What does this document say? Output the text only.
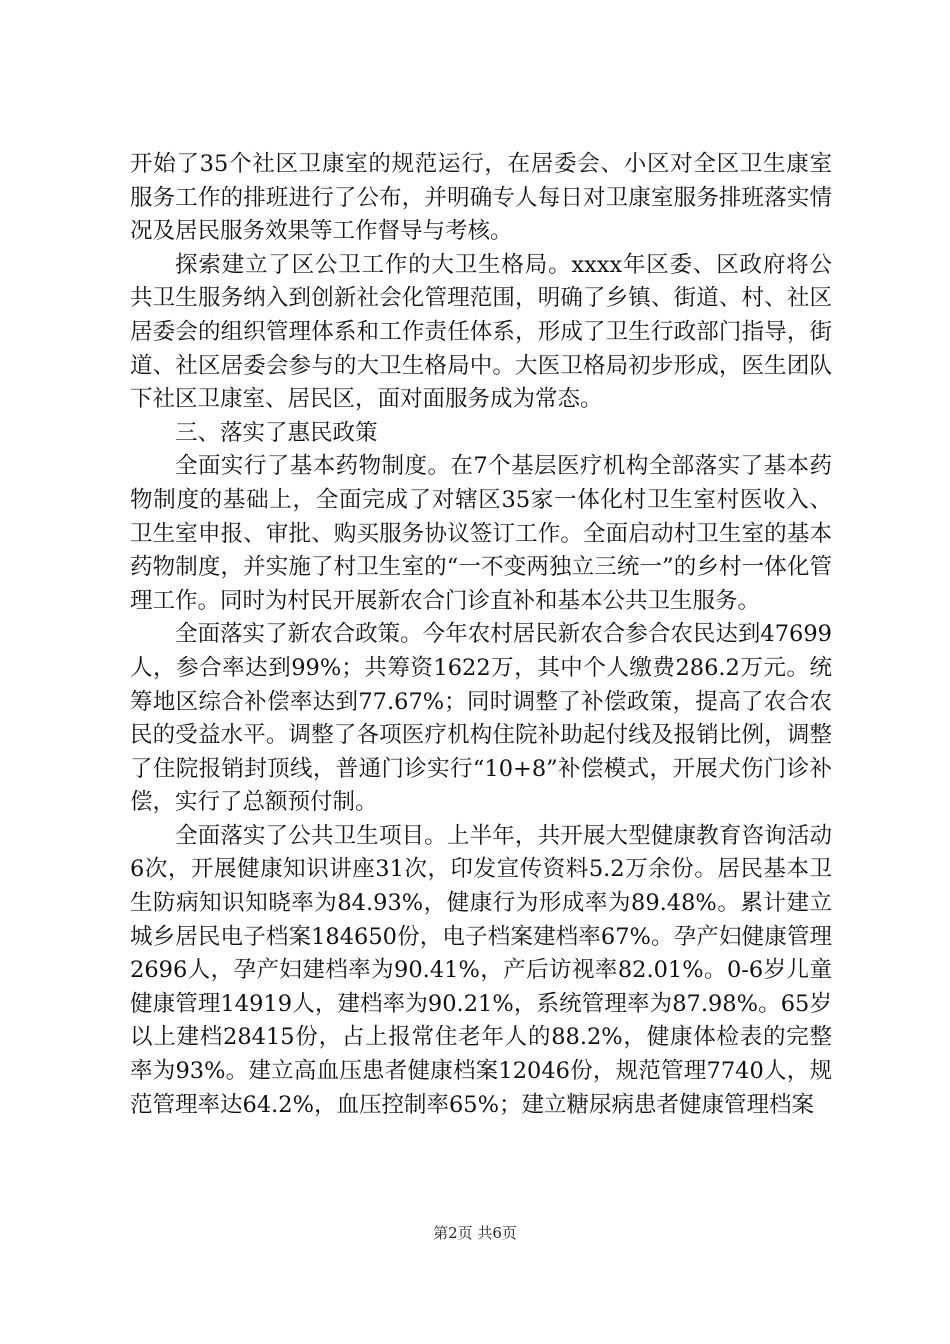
开始了35个社区卫康室的规范运行，在居委会、小区对全区卫生康室服务工作的排班进行了公布，并明确专人每日对卫康室服务排班落实情况及居民服务效果等工作督导与考核。

探索建立了区公卫工作的大卫生格局。xxxx年区委、区政府将公共卫生服务纳入到创新社会化管理范围，明确了乡镇、街道、村、社区居委会的组织管理体系和工作责任体系，形成了卫生行政部门指导，街道、社区居委会参与的大卫生格局中。大医卫格局初步形成，医生团队下社区卫康室、居民区，面对面服务成为常态。

三、落实了惠民政策

全面实行了基本药物制度。在7个基层医疗机构全部落实了基本药物制度的基础上，全面完成了对辖区35家一体化村卫生室村医收入、卫生室申报、审批、购买服务协议签订工作。全面启动村卫生室的基本药物制度，并实施了村卫生室的“一不变两独立三统一”的乡村一体化管理工作。同时为村民开展新农合门诊直补和基本公共卫生服务。

全面落实了新农合政策。今年农村居民新农合参合农民达到47699人，参合率达到99%；共筹资1622万，其中个人缴费286.2万元。统筹地区综合补偿率达到77.67%；同时调整了补偿政策，提高了农合农民的受益水平。调整了各项医疗机构住院补助起付线及报销比例，调整了住院报销封顶线，普通门诊实行“10+8”补偿模式，开展犬伤门诊补偿，实行了总额预付制。

全面落实了公共卫生项目。上半年，共开展大型健康教育咨询活动6次，开展健康知识讲座31次，印发宣传资料5.2万余份。居民基本卫生防病知识知晓率为84.93%，健康行为形成率为89.48%。累计建立城乡居民电子档案184650份，电子档案建档率67%。孕产妇健康管理2696人，孕产妇建档率为90.41%，产后访视率82.01%。0-6岁儿童健康管理14919人，建档率为90.21%，系统管理率为87.98%。65岁以上建档28415份，占上报常住老年人的88.2%，健康体检表的完整率为93%。建立高血压患者健康档案12046份，规范管理7740人，规范管理率达64.2%，血压控制率65%；建立糖尿病患者健康管理档案

第2页 共6页
